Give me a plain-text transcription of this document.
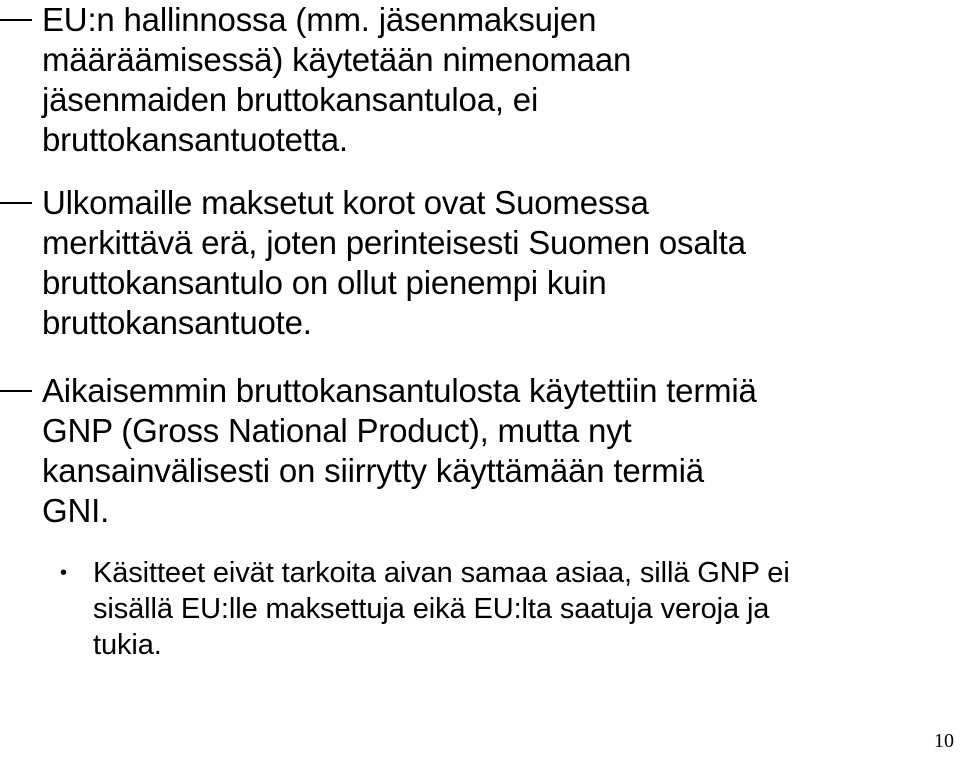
EU:n hallinnossa (mm. jäsenmaksujen
määräämisessä) käytetään nimenomaan
jäsenmaiden bruttokansantuloa, ei
bruttokansantuotetta.
Ulkomaille maksetut korot ovat Suomessa
merkittävä erä, joten perinteisesti Suomen osalta
bruttokansantulo on ollut pienempi kuin
bruttokansantuote.
Aikaisemmin bruttokansantulosta käytettiin termiä
GNP (Gross National Product), mutta nyt
kansainvälisesti on siirrytty käyttämään termiä
GNI.
• Käsitteet eivät tarkoita aivan samaa asiaa, sillä GNP ei
sisällä EU:lle maksettuja eikä EU:lta saatuja veroja ja
tukia.
10
